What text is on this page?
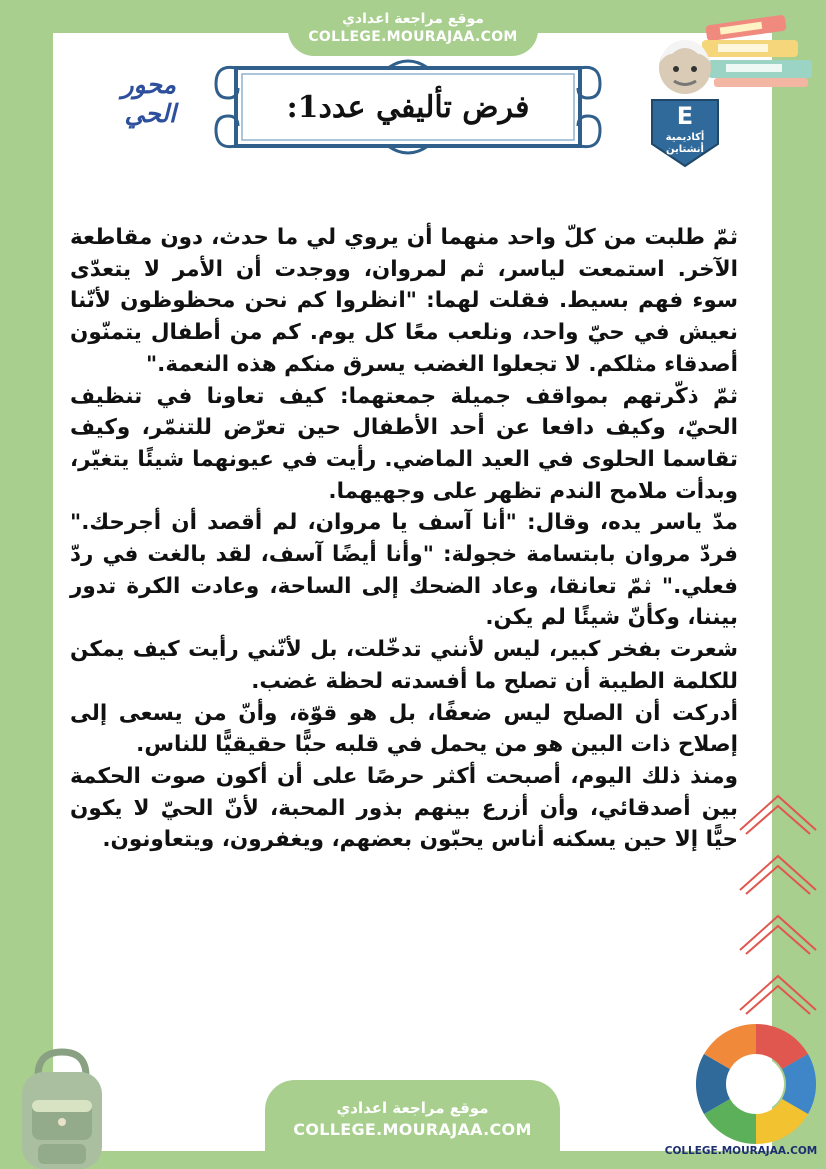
موقع مراجعة اعدادي
COLLEGE.MOURAJAA.COM
فرض تأليفي عدد1:
محور الحي	E
أكاديمية
أنشتاين

ثمّ طلبت من كلّ واحد منهما أن يروي لي ما حدث، دون مقاطعة الآخر. استمعت لياسر، ثم لمروان، ووجدت أن الأمر لا يتعدّى سوء فهم بسيط. فقلت لهما: "انظروا كم نحن محظوظون لأنّنا نعيش في حيّ واحد، ونلعب معًا كل يوم. كم من أطفال يتمنّون أصدقاء مثلكم. لا تجعلوا الغضب يسرق منكم هذه النعمة."

ثمّ ذكّرتهم بمواقف جميلة جمعتهما: كيف تعاونا في تنظيف الحيّ، وكيف دافعا عن أحد الأطفال حين تعرّض للتنمّر، وكيف تقاسما الحلوى في العيد الماضي. رأيت في عيونهما شيئًا يتغيّر، وبدأت ملامح الندم تظهر على وجهيهما.

مدّ ياسر يده، وقال: "أنا آسف يا مروان، لم أقصد أن أجرحك." فردّ مروان بابتسامة خجولة: "وأنا أيضًا آسف، لقد بالغت في ردّ فعلي." ثمّ تعانقا، وعاد الضحك إلى الساحة، وعادت الكرة تدور بيننا، وكأنّ شيئًا لم يكن.

شعرت بفخر كبير، ليس لأنني تدخّلت، بل لأنّني رأيت كيف يمكن للكلمة الطيبة أن تصلح ما أفسدته لحظة غضب.

أدركت أن الصلح ليس ضعفًا، بل هو قوّة، وأنّ من يسعى إلى إصلاح ذات البين هو من يحمل في قلبه حبًّا حقيقيًّا للناس.

ومنذ ذلك اليوم، أصبحت أكثر حرصًا على أن أكون صوت الحكمة بين أصدقائي، وأن أزرع بينهم بذور المحبة، لأنّ الحيّ لا يكون حيًّا إلا حين يسكنه أناس يحبّون بعضهم، ويغفرون، ويتعاونون.

COLLEGE.MOURAJAA.COM
موقع مراجعة اعدادي
COLLEGE.MOURAJAA.COM
